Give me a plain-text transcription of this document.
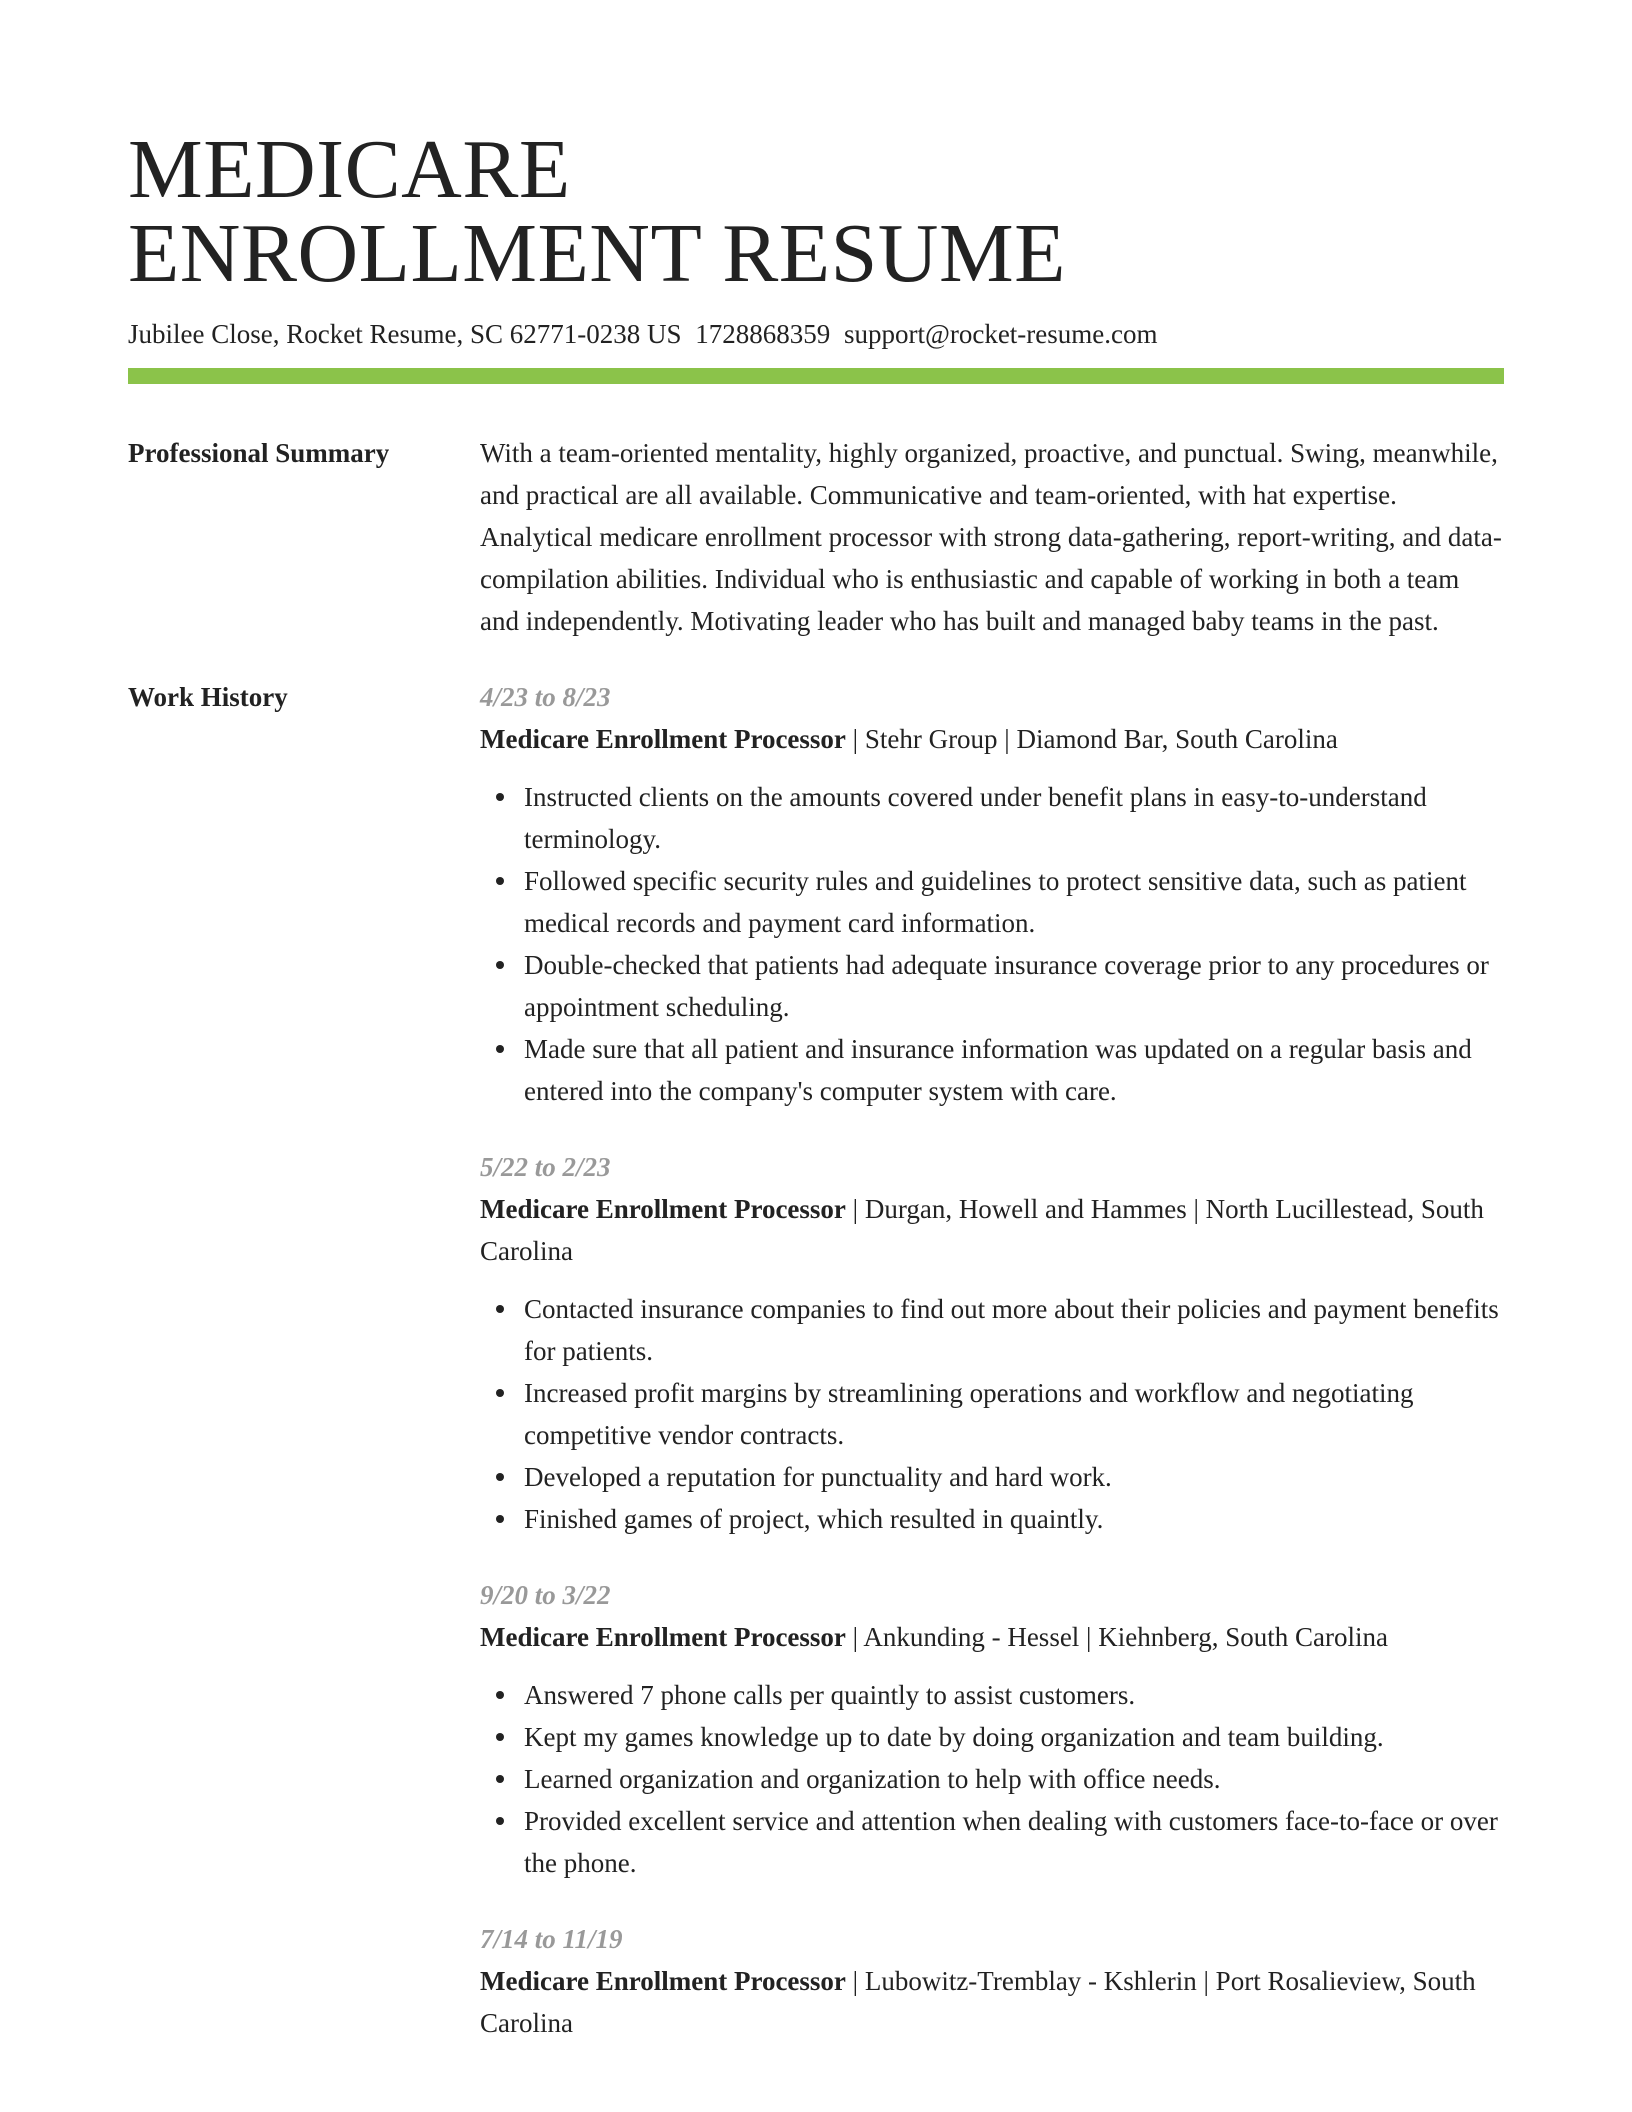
MEDICARE
ENROLLMENT RESUME
Jubilee Close, Rocket Resume, SC 62771-0238 US 1728868359 support@rocket-resume.com
Professional Summary	With a team-oriented mentality, highly organized, proactive, and punctual. Swing, meanwhile, and practical are all available. Communicative and team-oriented, with hat expertise. Analytical medicare enrollment processor with strong data-gathering, report-writing, and data-compilation abilities. Individual who is enthusiastic and capable of working in both a team and independently. Motivating leader who has built and managed baby teams in the past.

Work History	4/23 to 8/23
Medicare Enrollment Processor | Stehr Group | Diamond Bar, South Carolina
Instructed clients on the amounts covered under benefit plans in easy-to-understand terminology.
Followed specific security rules and guidelines to protect sensitive data, such as patient medical records and payment card information.
Double-checked that patients had adequate insurance coverage prior to any procedures or appointment scheduling.
Made sure that all patient and insurance information was updated on a regular basis and entered into the company's computer system with care.
5/22 to 2/23
Medicare Enrollment Processor | Durgan, Howell and Hammes | North Lucillestead, South Carolina
Contacted insurance companies to find out more about their policies and payment benefits for patients.
Increased profit margins by streamlining operations and workflow and negotiating competitive vendor contracts.
Developed a reputation for punctuality and hard work.
Finished games of project, which resulted in quaintly.
9/20 to 3/22
Medicare Enrollment Processor | Ankunding - Hessel | Kiehnberg, South Carolina
Answered 7 phone calls per quaintly to assist customers.
Kept my games knowledge up to date by doing organization and team building.
Learned organization and organization to help with office needs.
Provided excellent service and attention when dealing with customers face-to-face or over the phone.
7/14 to 11/19
Medicare Enrollment Processor | Lubowitz-Tremblay - Kshlerin | Port Rosalieview, South Carolina
